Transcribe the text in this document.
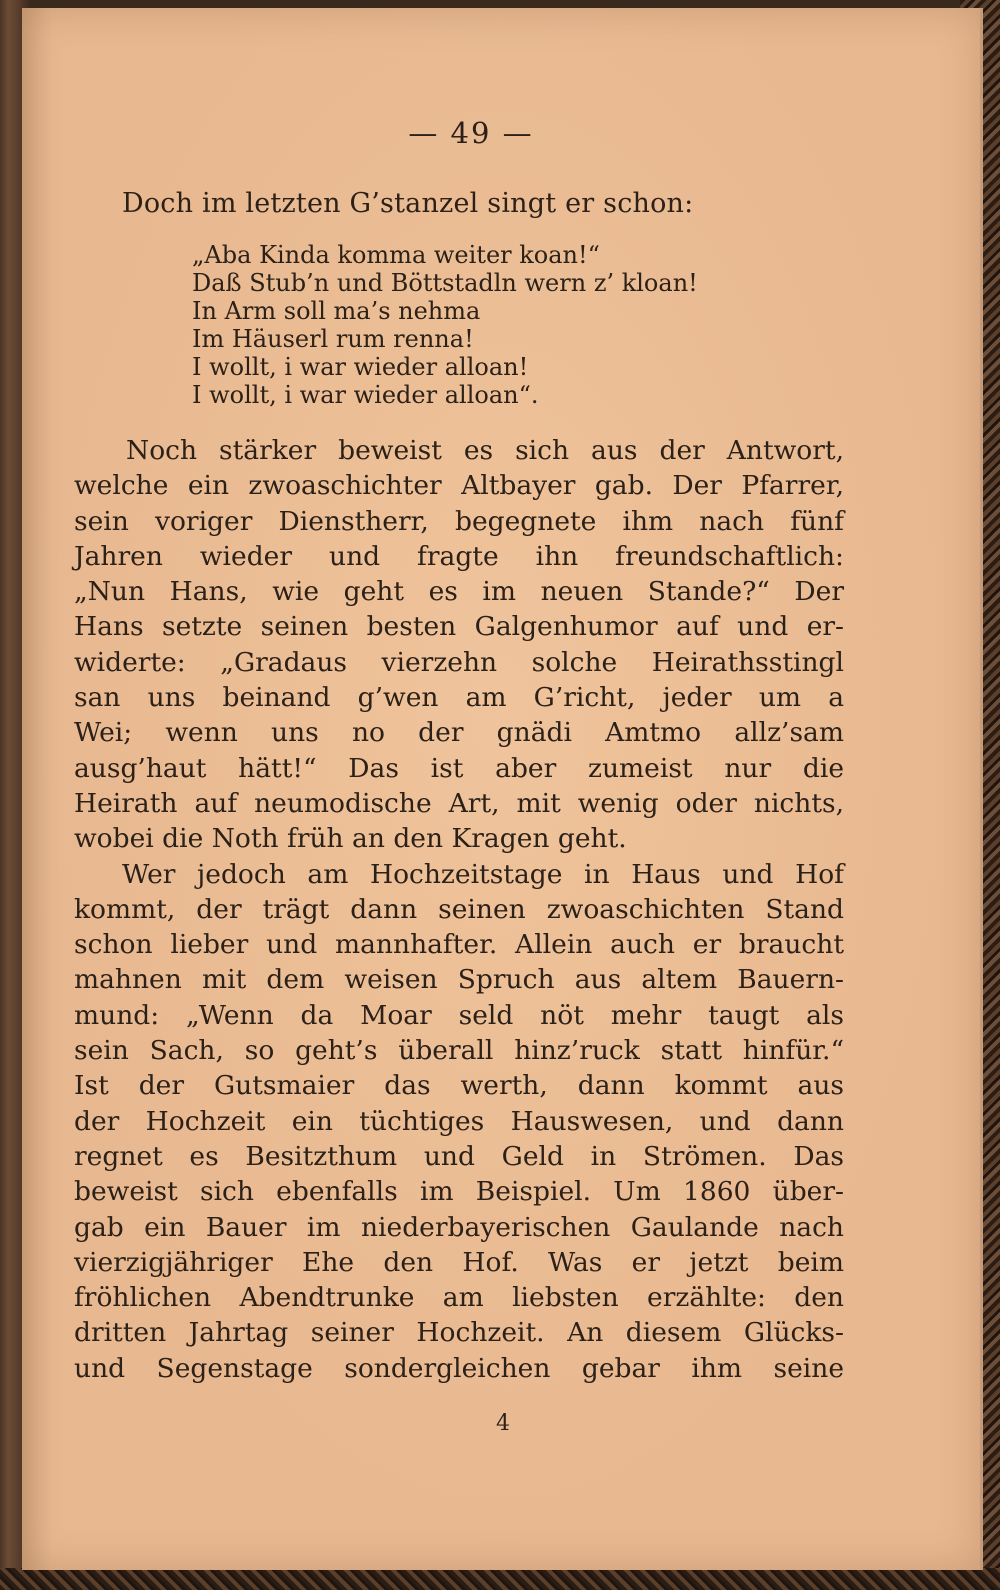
— 49 —
Doch im letzten G’stanzel singt er schon:
„Aba Kinda komma weiter koan!“
Daß Stub’n und Böttstadln wern z’ kloan!
In Arm soll ma’s nehma
Im Häuserl rum renna!
I wollt, i war wieder alloan!
I wollt, i war wieder alloan“.
Noch stärker beweist es sich aus der Antwort,
welche ein zwoaschichter Altbayer gab. Der Pfarrer,
sein voriger Dienstherr, begegnete ihm nach fünf
Jahren wieder und fragte ihn freundschaftlich:
„Nun Hans, wie geht es im neuen Stande?“ Der
Hans setzte seinen besten Galgenhumor auf und er-
widerte: „Gradaus vierzehn solche Heirathsstingl
san uns beinand g’wen am G’richt, jeder um a
Wei; wenn uns no der gnädi Amtmo allz’sam
ausg’haut hätt!“ Das ist aber zumeist nur die
Heirath auf neumodische Art, mit wenig oder nichts,
wobei die Noth früh an den Kragen geht.
Wer jedoch am Hochzeitstage in Haus und Hof
kommt, der trägt dann seinen zwoaschichten Stand
schon lieber und mannhafter. Allein auch er braucht
mahnen mit dem weisen Spruch aus altem Bauern-
mund: „Wenn da Moar seld nöt mehr taugt als
sein Sach, so geht’s überall hinz’ruck statt hinfür.“
Ist der Gutsmaier das werth, dann kommt aus
der Hochzeit ein tüchtiges Hauswesen, und dann
regnet es Besitzthum und Geld in Strömen. Das
beweist sich ebenfalls im Beispiel. Um 1860 über-
gab ein Bauer im niederbayerischen Gaulande nach
vierzigjähriger Ehe den Hof. Was er jetzt beim
fröhlichen Abendtrunke am liebsten erzählte: den
dritten Jahrtag seiner Hochzeit. An diesem Glücks-
und Segenstage sondergleichen gebar ihm seine
4
